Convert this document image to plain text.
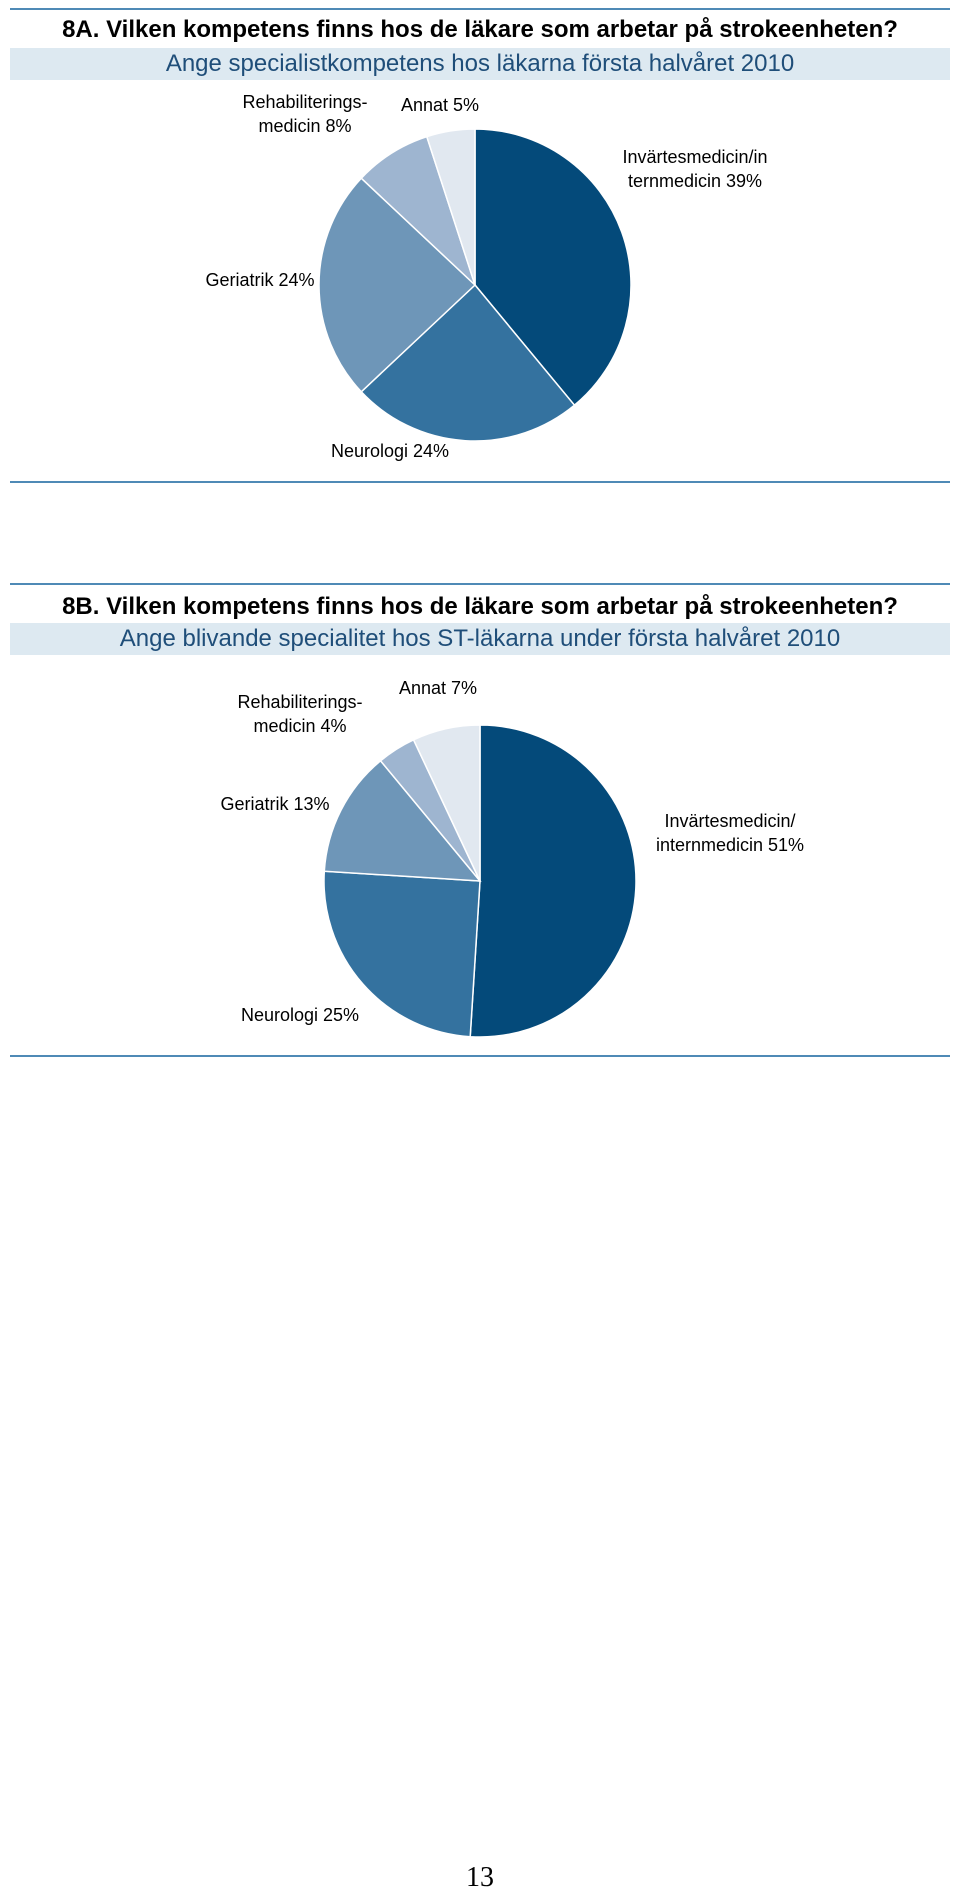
8A. Vilken kompetens finns hos de läkare som arbetar på strokeenheten?
Ange specialistkompetens hos läkarna första halvåret 2010
Invärtesmedicin/in
ternmedicin 39%
Neurologi 24%
Geriatrik 24%
Rehabiliterings-
medicin 8%
Annat 5%
8B. Vilken kompetens finns hos de läkare som arbetar på strokeenheten?
Ange blivande specialitet hos ST-läkarna under första halvåret 2010
Invärtesmedicin/
internmedicin 51%
Neurologi 25%
Geriatrik 13%
Rehabiliterings-
medicin 4%
Annat 7%
13
